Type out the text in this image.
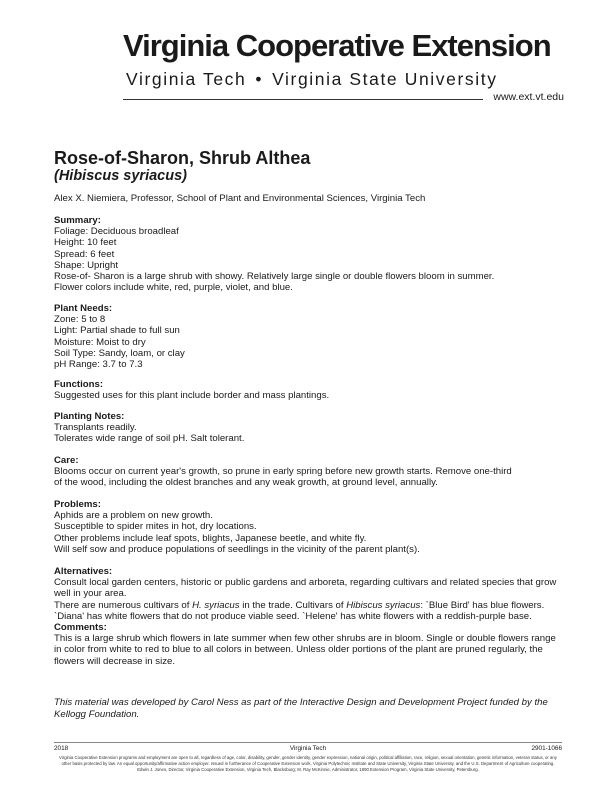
Virginia Cooperative Extension
Virginia Tech • Virginia State University
www.ext.vt.edu
Rose-of-Sharon, Shrub Althea
(Hibiscus syriacus)
Alex X. Niemiera, Professor, School of Plant and Environmental Sciences, Virginia Tech
Summary:
Foliage: Deciduous broadleaf
Height: 10 feet
Spread: 6 feet
Shape: Upright
Rose-of- Sharon is a large shrub with showy. Relatively large single or double flowers bloom in summer.
Flower colors include white, red, purple, violet, and blue.
Plant Needs:
Zone: 5 to 8
Light: Partial shade to full sun
Moisture: Moist to dry
Soil Type: Sandy, loam, or clay
pH Range: 3.7 to 7.3
Functions:
Suggested uses for this plant include border and mass plantings.
Planting Notes:
Transplants readily.
Tolerates wide range of soil pH. Salt tolerant.
Care:
Blooms occur on current year's growth, so prune in early spring before new growth starts. Remove one-third
of the wood, including the oldest branches and any weak growth, at ground level, annually.
Problems:
Aphids are a problem on new growth.
Susceptible to spider mites in hot, dry locations.
Other problems include leaf spots, blights, Japanese beetle, and white fly.
Will self sow and produce populations of seedlings in the vicinity of the parent plant(s).
Alternatives:
Consult local garden centers, historic or public gardens and arboreta, regarding cultivars and related species that grow well in your area.
There are numerous cultivars of H. syriacus in the trade. Cultivars of Hibiscus syriacus: `Blue Bird' has blue flowers.
`Diana' has white flowers that do not produce viable seed. `Helene' has white flowers with a reddish-purple base.
Comments:
This is a large shrub which flowers in late summer when few other shrubs are in bloom. Single or double flowers range in color from white to red to blue to all colors in between. Unless older portions of the plant are pruned regularly, the flowers will decrease in size.
This material was developed by Carol Ness as part of the Interactive Design and Development Project funded by the Kellogg Foundation.
2018	Virginia Tech	2901-1066
Virginia Cooperative Extension programs and employment are open to all, regardless of age, color, disability, gender, gender identity, gender expression, national origin, political affiliation, race, religion, sexual orientation, genetic information, veteran status, or any other basis protected by law. An equal opportunity/affirmative action employer. Issued in furtherance of Cooperative Extension work, Virginia Polytechnic Institute and State University, Virginia State University, and the U.S. Department of Agriculture cooperating. Edwin J. Jones, Director, Virginia Cooperative Extension, Virginia Tech, Blacksburg; M. Ray McKinnie, Administrator, 1890 Extension Program, Virginia State University, Petersburg.
